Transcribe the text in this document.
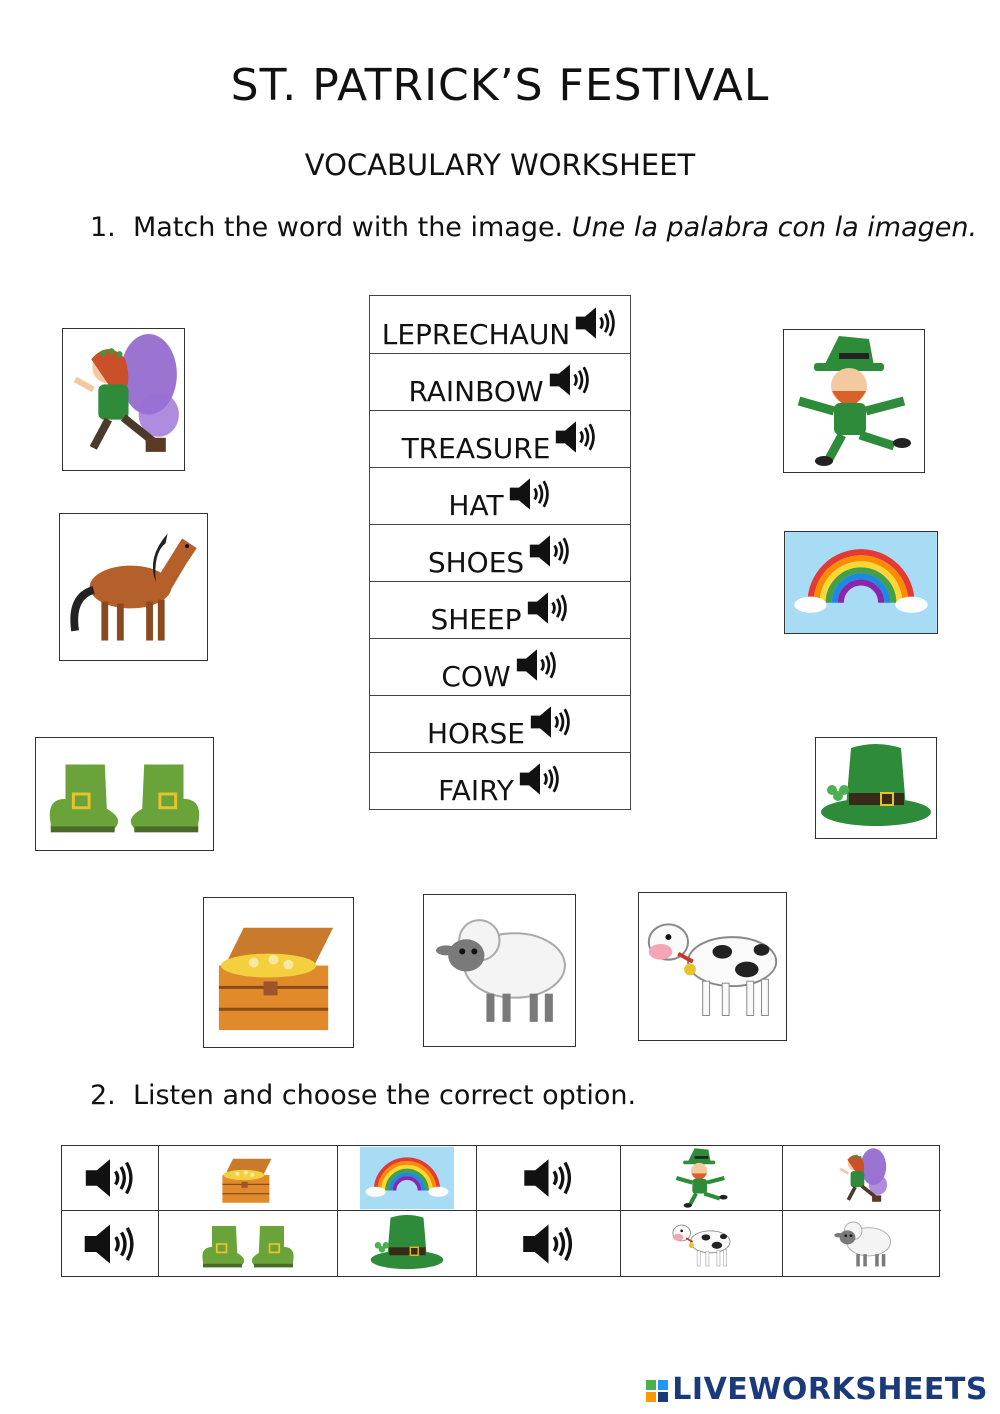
ST. PATRICK’S FESTIVAL
VOCABULARY WORKSHEET
1. Match the word with the image. Une la palabra con la imagen.
LEPRECHAUN
RAINBOW
TREASURE
HAT
SHOES
SHEEP
COW
HORSE
FAIRY
2. Listen and choose the correct option.
LIVEWORKSHEETS
